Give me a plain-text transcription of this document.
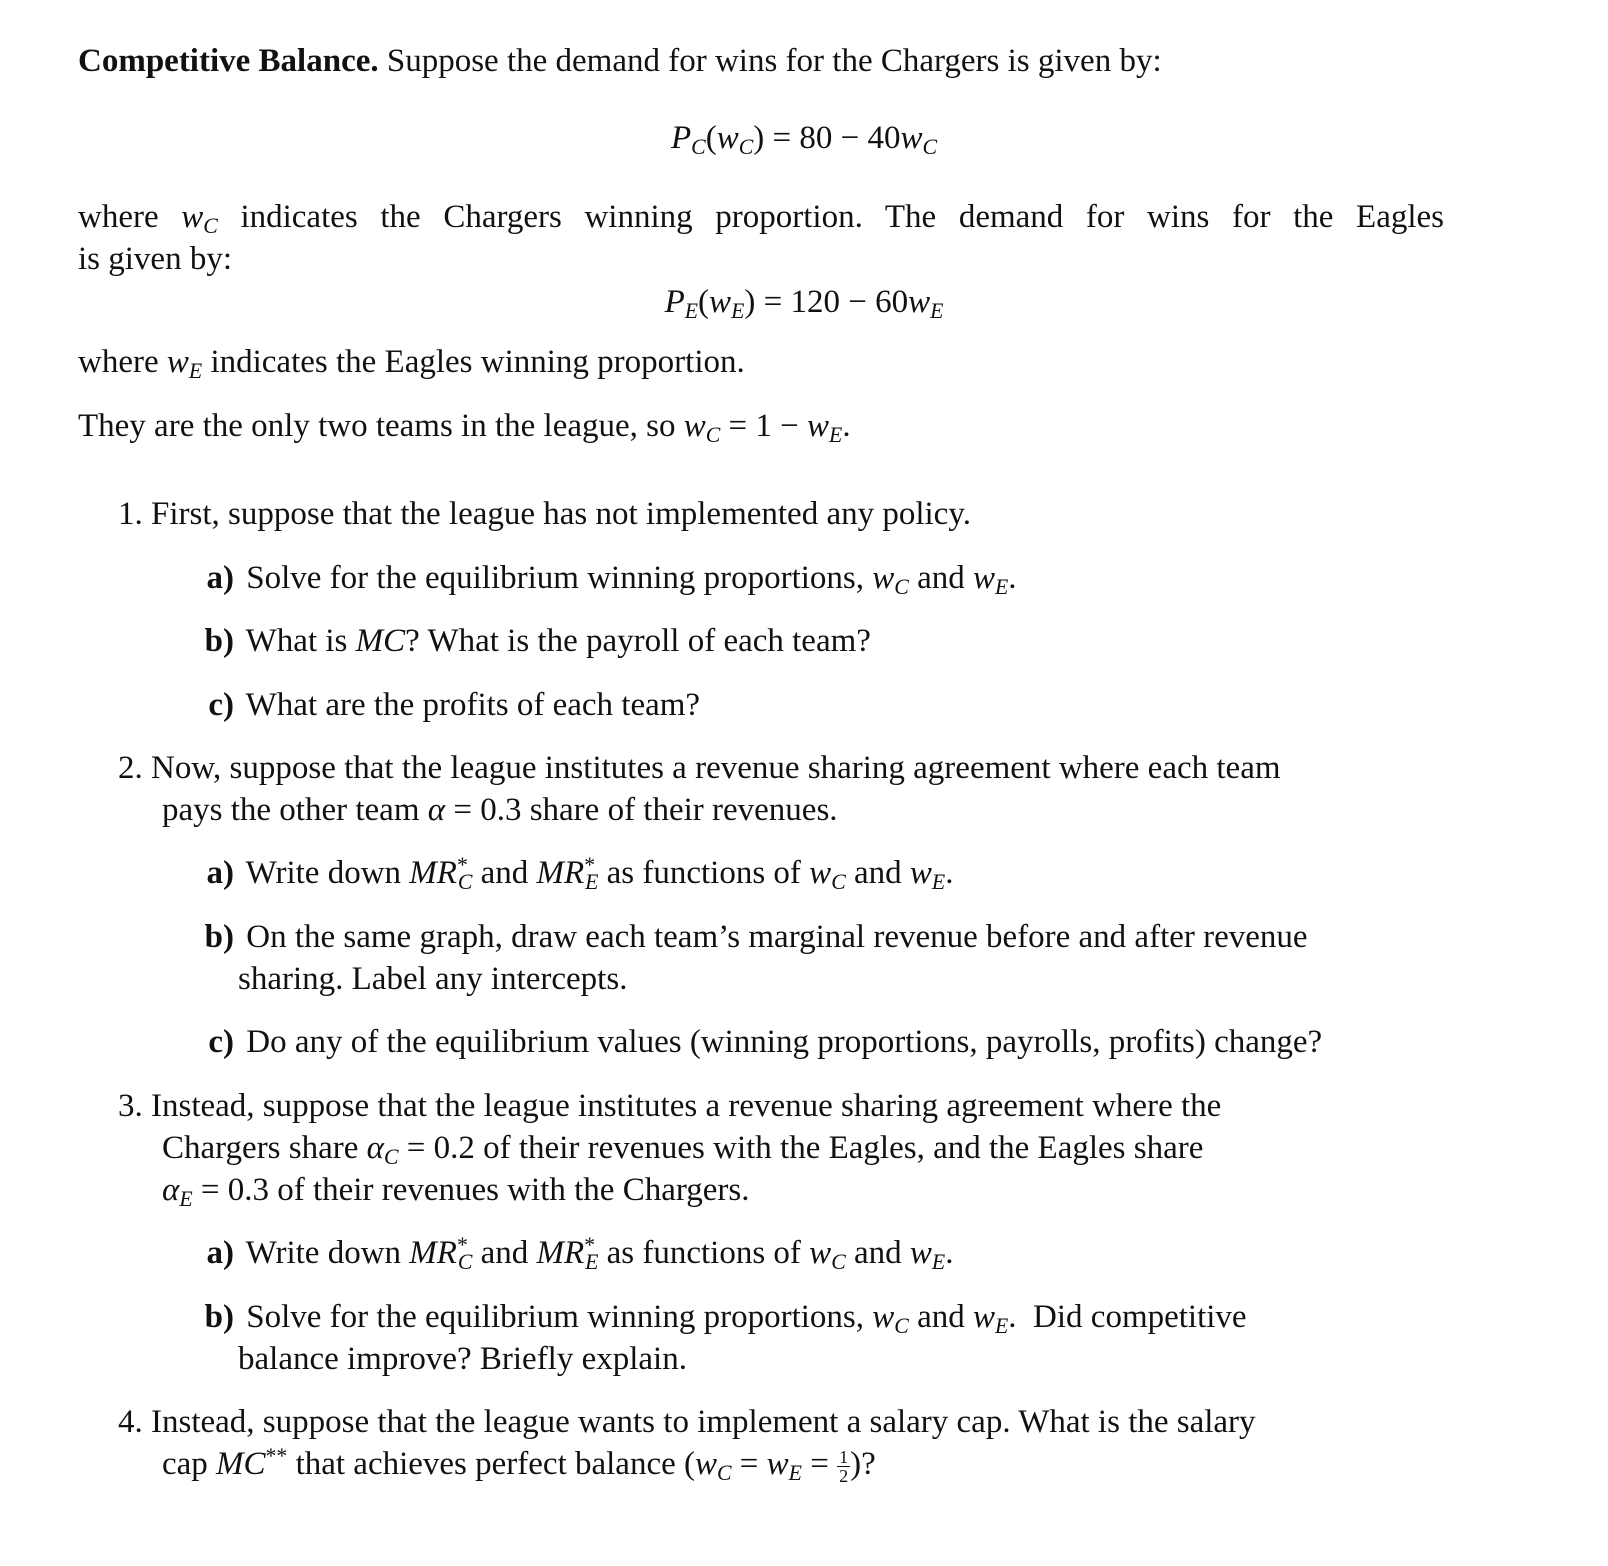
Competitive Balance. Suppose the demand for wins for the Chargers is given by:
$P_C(w_C) = 80 - 40w_C$
where $w_C$ indicates the Chargers winning proportion. The demand for wins for the Eagles
is given by:
$P_E(w_E) = 120 - 60w_E$
where $w_E$ indicates the Eagles winning proportion.
They are the only two teams in the league, so $w_C = 1 - w_E$.
1. First, suppose that the league has not implemented any policy.
a) Solve for the equilibrium winning proportions, $w_C$ and $w_E$.
b) What is MC? What is the payroll of each team?
c) What are the profits of each team?
2. Now, suppose that the league institutes a revenue sharing agreement where each team
pays the other team α = 0.3 share of their revenues.
a) Write down $MR^*_C$ and $MR^*_E$ as functions of $w_C$ and $w_E$.
b) On the same graph, draw each team’s marginal revenue before and after revenue
sharing. Label any intercepts.
c) Do any of the equilibrium values (winning proportions, payrolls, profits) change?
3. Instead, suppose that the league institutes a revenue sharing agreement where the
Chargers share $\alpha_C = 0.2$ of their revenues with the Eagles, and the Eagles share
$\alpha_E = 0.3$ of their revenues with the Chargers.
a) Write down $MR^*_C$ and $MR^*_E$ as functions of $w_C$ and $w_E$.
b) Solve for the equilibrium winning proportions, $w_C$ and $w_E$.  Did competitive
balance improve? Briefly explain.
4. Instead, suppose that the league wants to implement a salary cap. What is the salary
cap MC** that achieves perfect balance ($w_C = w_E = \frac{1}{2}$ )?
